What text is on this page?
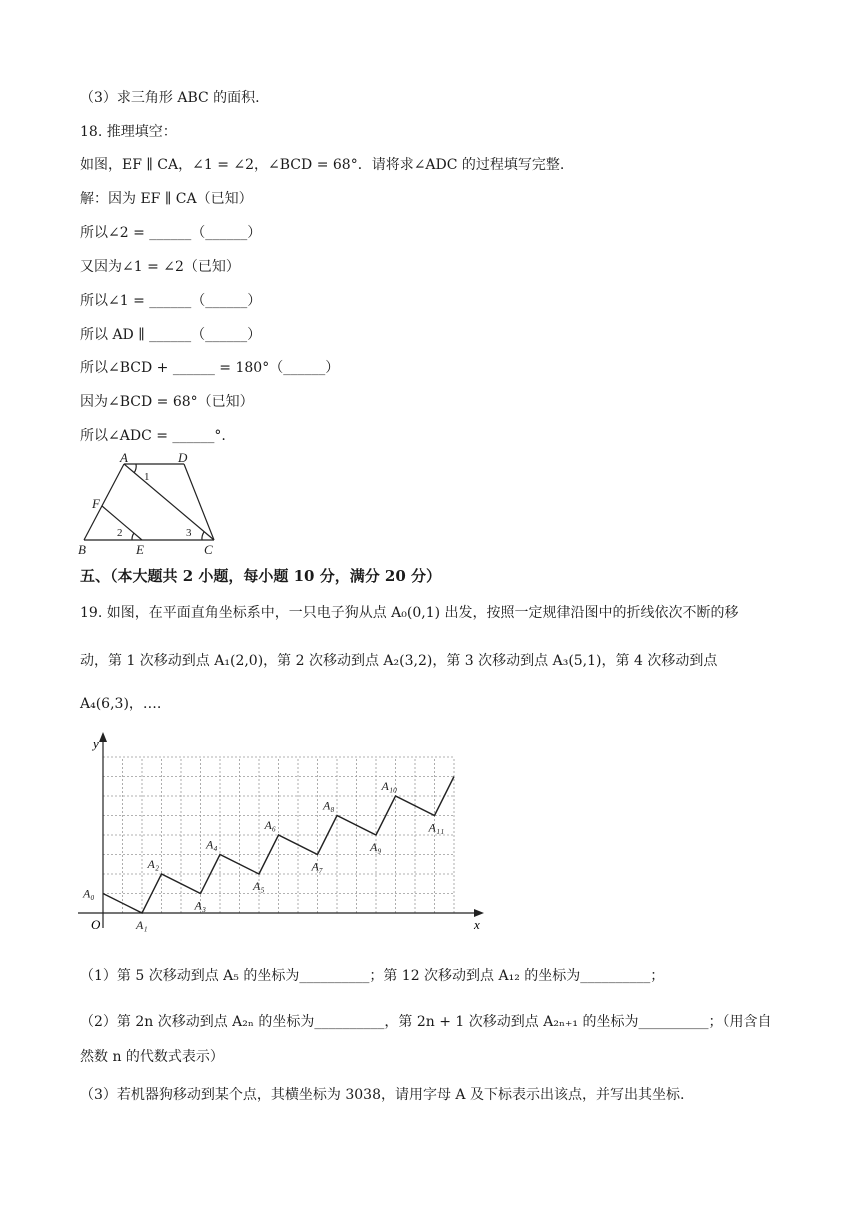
（3）求三角形 ABC 的面积.
18. 推理填空：
如图，EF ∥ CA，∠1 = ∠2，∠BCD = 68°．请将求∠ADC 的过程填写完整.
解：因为 EF ∥ CA（已知）
所以∠2 = ______（______）
又因为∠1 = ∠2（已知）
所以∠1 = ______（______）
所以 AD ∥ ______（______）
所以∠BCD + ______ = 180°（______）
因为∠BCD = 68°（已知）
所以∠ADC = ______°.
A	D
F
B	E	C
1
2	3
五、（本大题共 2 小题，每小题 10 分，满分 20 分）
19. 如图，在平面直角坐标系中，一只电子狗从点 A₀(0,1) 出发，按照一定规律沿图中的折线依次不断的移
动，第 1 次移动到点 A₁(2,0)，第 2 次移动到点 A₂(3,2)，第 3 次移动到点 A₃(5,1)，第 4 次移动到点
A₄(6,3)，….
x
y
O
A₀
A₁
A₂
A₃
A₄
A₅
A₆
A₇
A₈
A₉
A₁₀
A₁₁
（1）第 5 次移动到点 A₅ 的坐标为__________；第 12 次移动到点 A₁₂ 的坐标为__________；
（2）第 2n 次移动到点 A₂ₙ 的坐标为__________，第 2n + 1 次移动到点 A₂ₙ₊₁ 的坐标为__________；（用含自
然数 n 的代数式表示）
（3）若机器狗移动到某个点，其横坐标为 3038，请用字母 A 及下标表示出该点，并写出其坐标.
